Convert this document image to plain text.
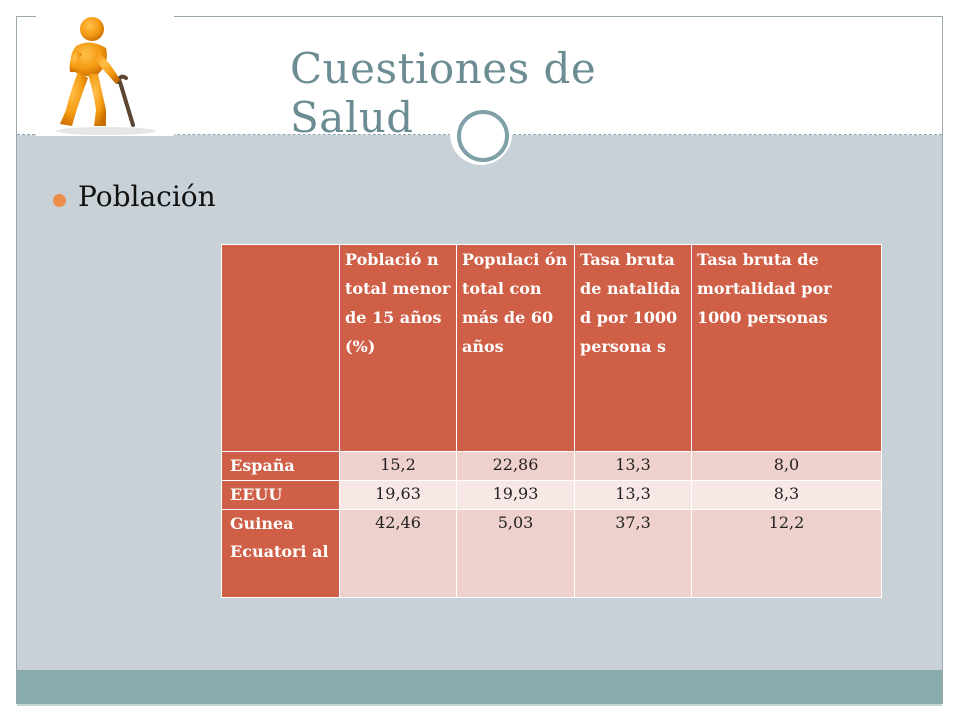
Cuestiones de Salud
Población
	Població n total menor de 15 años (%)	Populaci ón total con más de 60 años	Tasa bruta de natalida d por 1000 persona s	Tasa bruta de mortalidad por 1000 personas
España	15,2	22,86	13,3	8,0
EEUU	19,63	19,93	13,3	8,3
Guinea Ecuatori al	42,46	5,03	37,3	12,2
